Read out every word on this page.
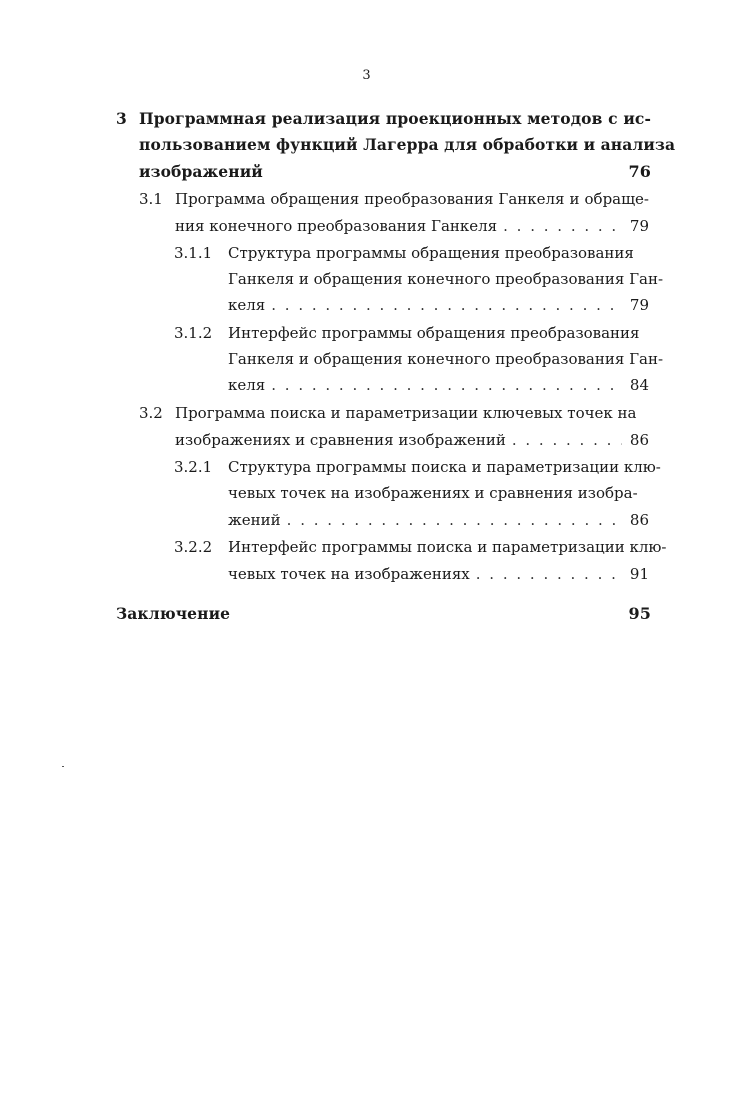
3
3 Программная реализация проекционных методов с ис-
пользованием функций Лагерра для обработки и анализа
изображений	76
3.1 Программа обращения преобразования Ганкеля и обраще-
ния конечного преобразования Ганкеля . . .	79
3.1.1 Структура программы обращения преобразования
Ганкеля и обращения конечного преобразования Ган-
келя . . .	79
3.1.2 Интерфейс программы обращения преобразования
Ганкеля и обращения конечного преобразования Ган-
келя . . .	84
3.2 Программа поиска и параметризации ключевых точек на
изображениях и сравнения изображений . . .	86
3.2.1 Структура программы поиска и параметризации клю-
чевых точек на изображениях и сравнения изобра-
жений . . .	86
3.2.2 Интерфейс программы поиска и параметризации клю-
чевых точек на изображениях . . .	91
Заключение	95
